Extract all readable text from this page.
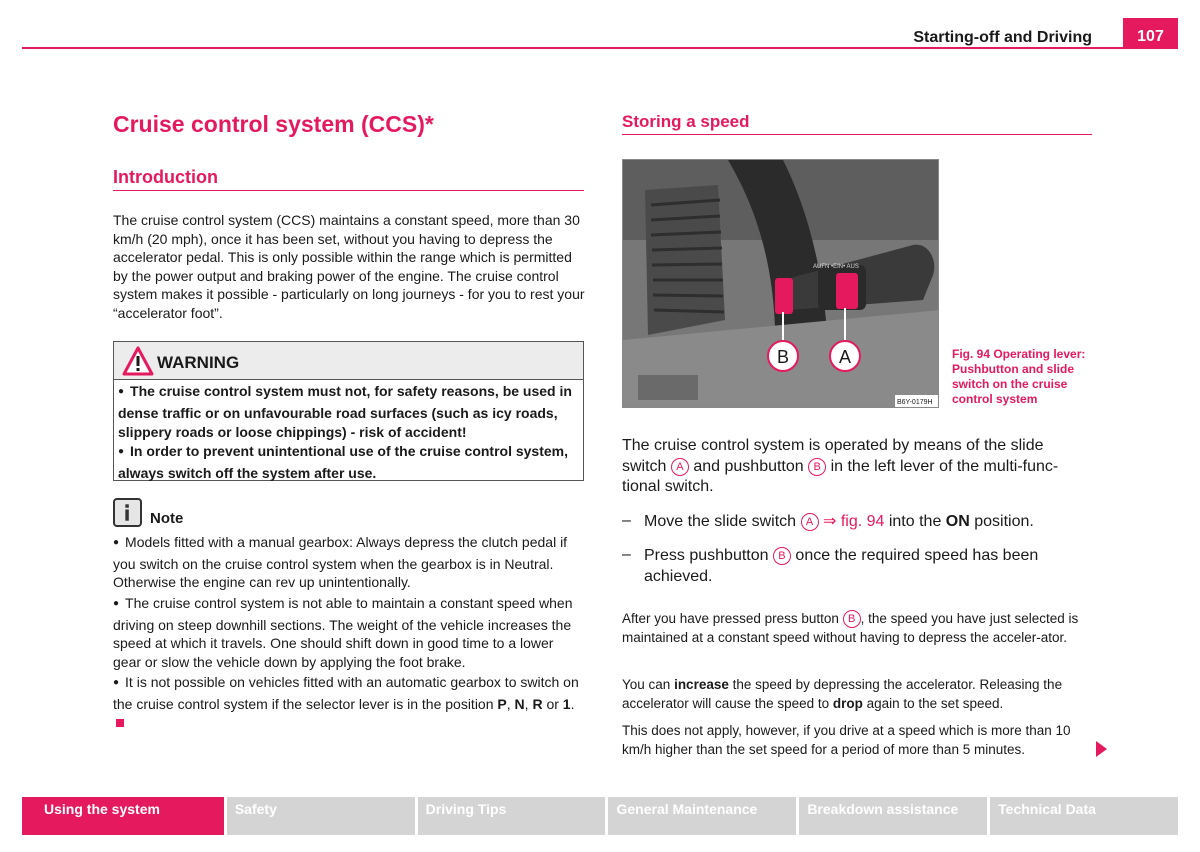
Starting-off and Driving	107
Cruise control system (CCS)*
Introduction
The cruise control system (CCS) maintains a constant speed, more than 30 km/h (20 mph), once it has been set, without you having to depress the accelerator pedal. This is only possible within the range which is permitted by the power output and braking power of the engine. The cruise control system makes it possible - particularly on long journeys - for you to rest your “accelerator foot”.
WARNING
● The cruise control system must not, for safety reasons, be used in dense traffic or on unfavourable road surfaces (such as icy roads, slippery roads or loose chippings) - risk of accident!
● In order to prevent unintentional use of the cruise control system, always switch off the system after use.
Note
● Models fitted with a manual gearbox: Always depress the clutch pedal if you switch on the cruise control system when the gearbox is in Neutral. Otherwise the engine can rev up unintentionally.
● The cruise control system is not able to maintain a constant speed when driving on steep downhill sections. The weight of the vehicle increases the speed at which it travels. One should shift down in good time to a lower gear or slow the vehicle down by applying the foot brake.
● It is not possible on vehicles fitted with an automatic gearbox to switch on the cruise control system if the selector lever is in the position P, N, R or 1.
Storing a speed
AUFN •EIN• AUS
B	A
B6Y-0179H
Fig. 94 Operating lever: Pushbutton and slide switch on the cruise control system
The cruise control system is operated by means of the slide switch A and pushbutton B in the left lever of the multi-func-tional switch.
– Move the slide switch A ⇒ fig. 94 into the ON position.
– Press pushbutton B once the required speed has been achieved.
After you have pressed press button B , the speed you have just selected is maintained at a constant speed without having to depress the acceler-ator.
You can increase the speed by depressing the accelerator. Releasing the accelerator will cause the speed to drop again to the set speed.
This does not apply, however, if you drive at a speed which is more than 10 km/h higher than the set speed for a period of more than 5 minutes.
Using the system	Safety	Driving Tips	General Maintenance	Breakdown assistance	Technical Data
